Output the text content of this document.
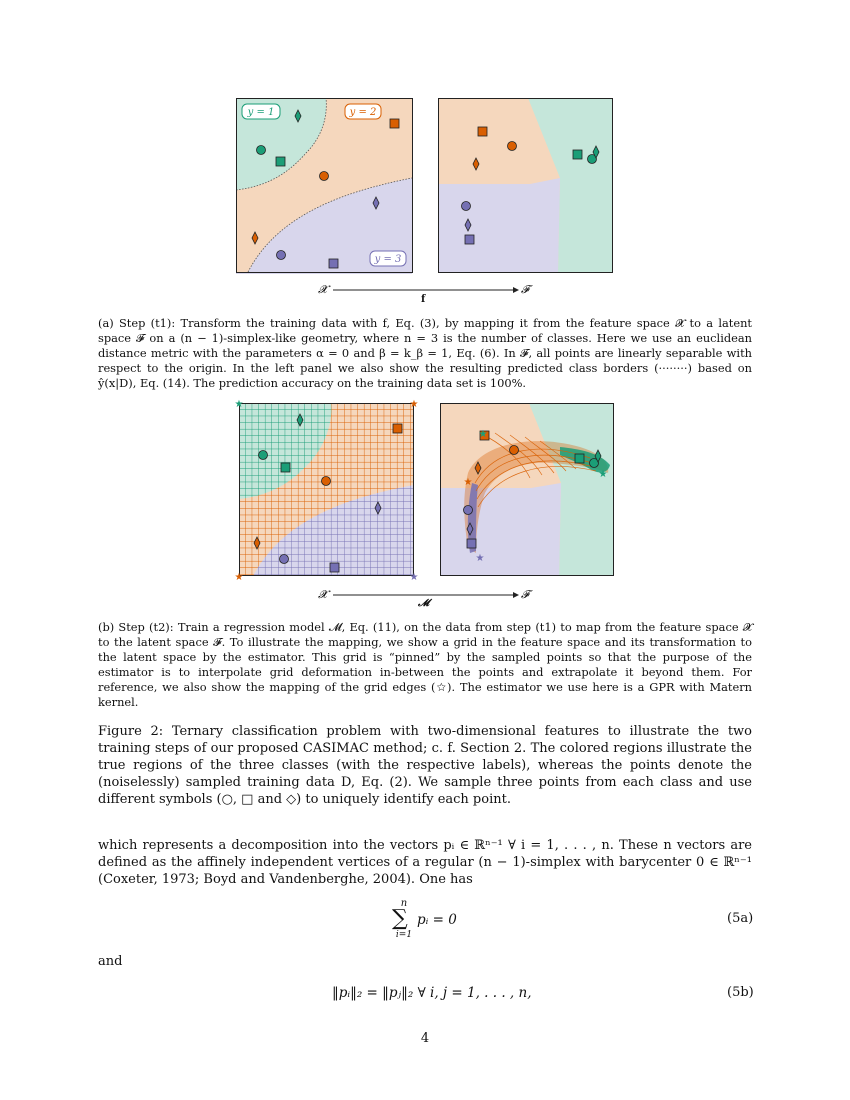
y = 1	y = 2
y = 3
𝓧	𝓕
f
(a) Step (t1): Transform the training data with f, Eq. (3), by mapping it from the feature space 𝓧 to a latent space 𝓕 on a (n − 1)-simplex-like geometry, where n = 3 is the number of classes. Here we use an euclidean distance metric with the parameters α = 0 and β = k_β = 1, Eq. (6). In 𝓕, all points are linearly separable with respect to the origin. In the left panel we also show the resulting predicted class borders (········) based on ŷ(x|D), Eq. (14). The prediction accuracy on the training data set is 100%.
★	★
★	★
★
★
★
★
𝓧	𝓕
𝓜
(b) Step (t2): Train a regression model 𝓜, Eq. (11), on the data from step (t1) to map from the feature space 𝓧 to the latent space 𝓕. To illustrate the mapping, we show a grid in the feature space and its transformation to the latent space by the estimator. This grid is “pinned” by the sampled points so that the purpose of the estimator is to interpolate grid deformation in-between the points and extrapolate it beyond them. For reference, we also show the mapping of the grid edges (☆). The estimator we use here is a GPR with Matern kernel.
Figure 2: Ternary classification problem with two-dimensional features to illustrate the two training steps of our proposed CASIMAC method; c. f. Section 2. The colored regions illustrate the true regions of the three classes (with the respective labels), whereas the points denote the (noiselessly) sampled training data D, Eq. (2). We sample three points from each class and use different symbols (○, □ and ◇) to uniquely identify each point.
which represents a decomposition into the vectors pᵢ ∈ ℝⁿ⁻¹ ∀ i = 1, . . . , n. These n vectors are defined as the affinely independent vertices of a regular (n − 1)-simplex with barycenter 0 ∈ ℝⁿ⁻¹ (Coxeter, 1973; Boyd and Vandenberghe, 2004). One has
n
∑
i=1
pᵢ = 0	(5a)
and
‖pᵢ‖₂ = ‖pⱼ‖₂ ∀ i, j = 1, . . . , n,	(5b)
4
